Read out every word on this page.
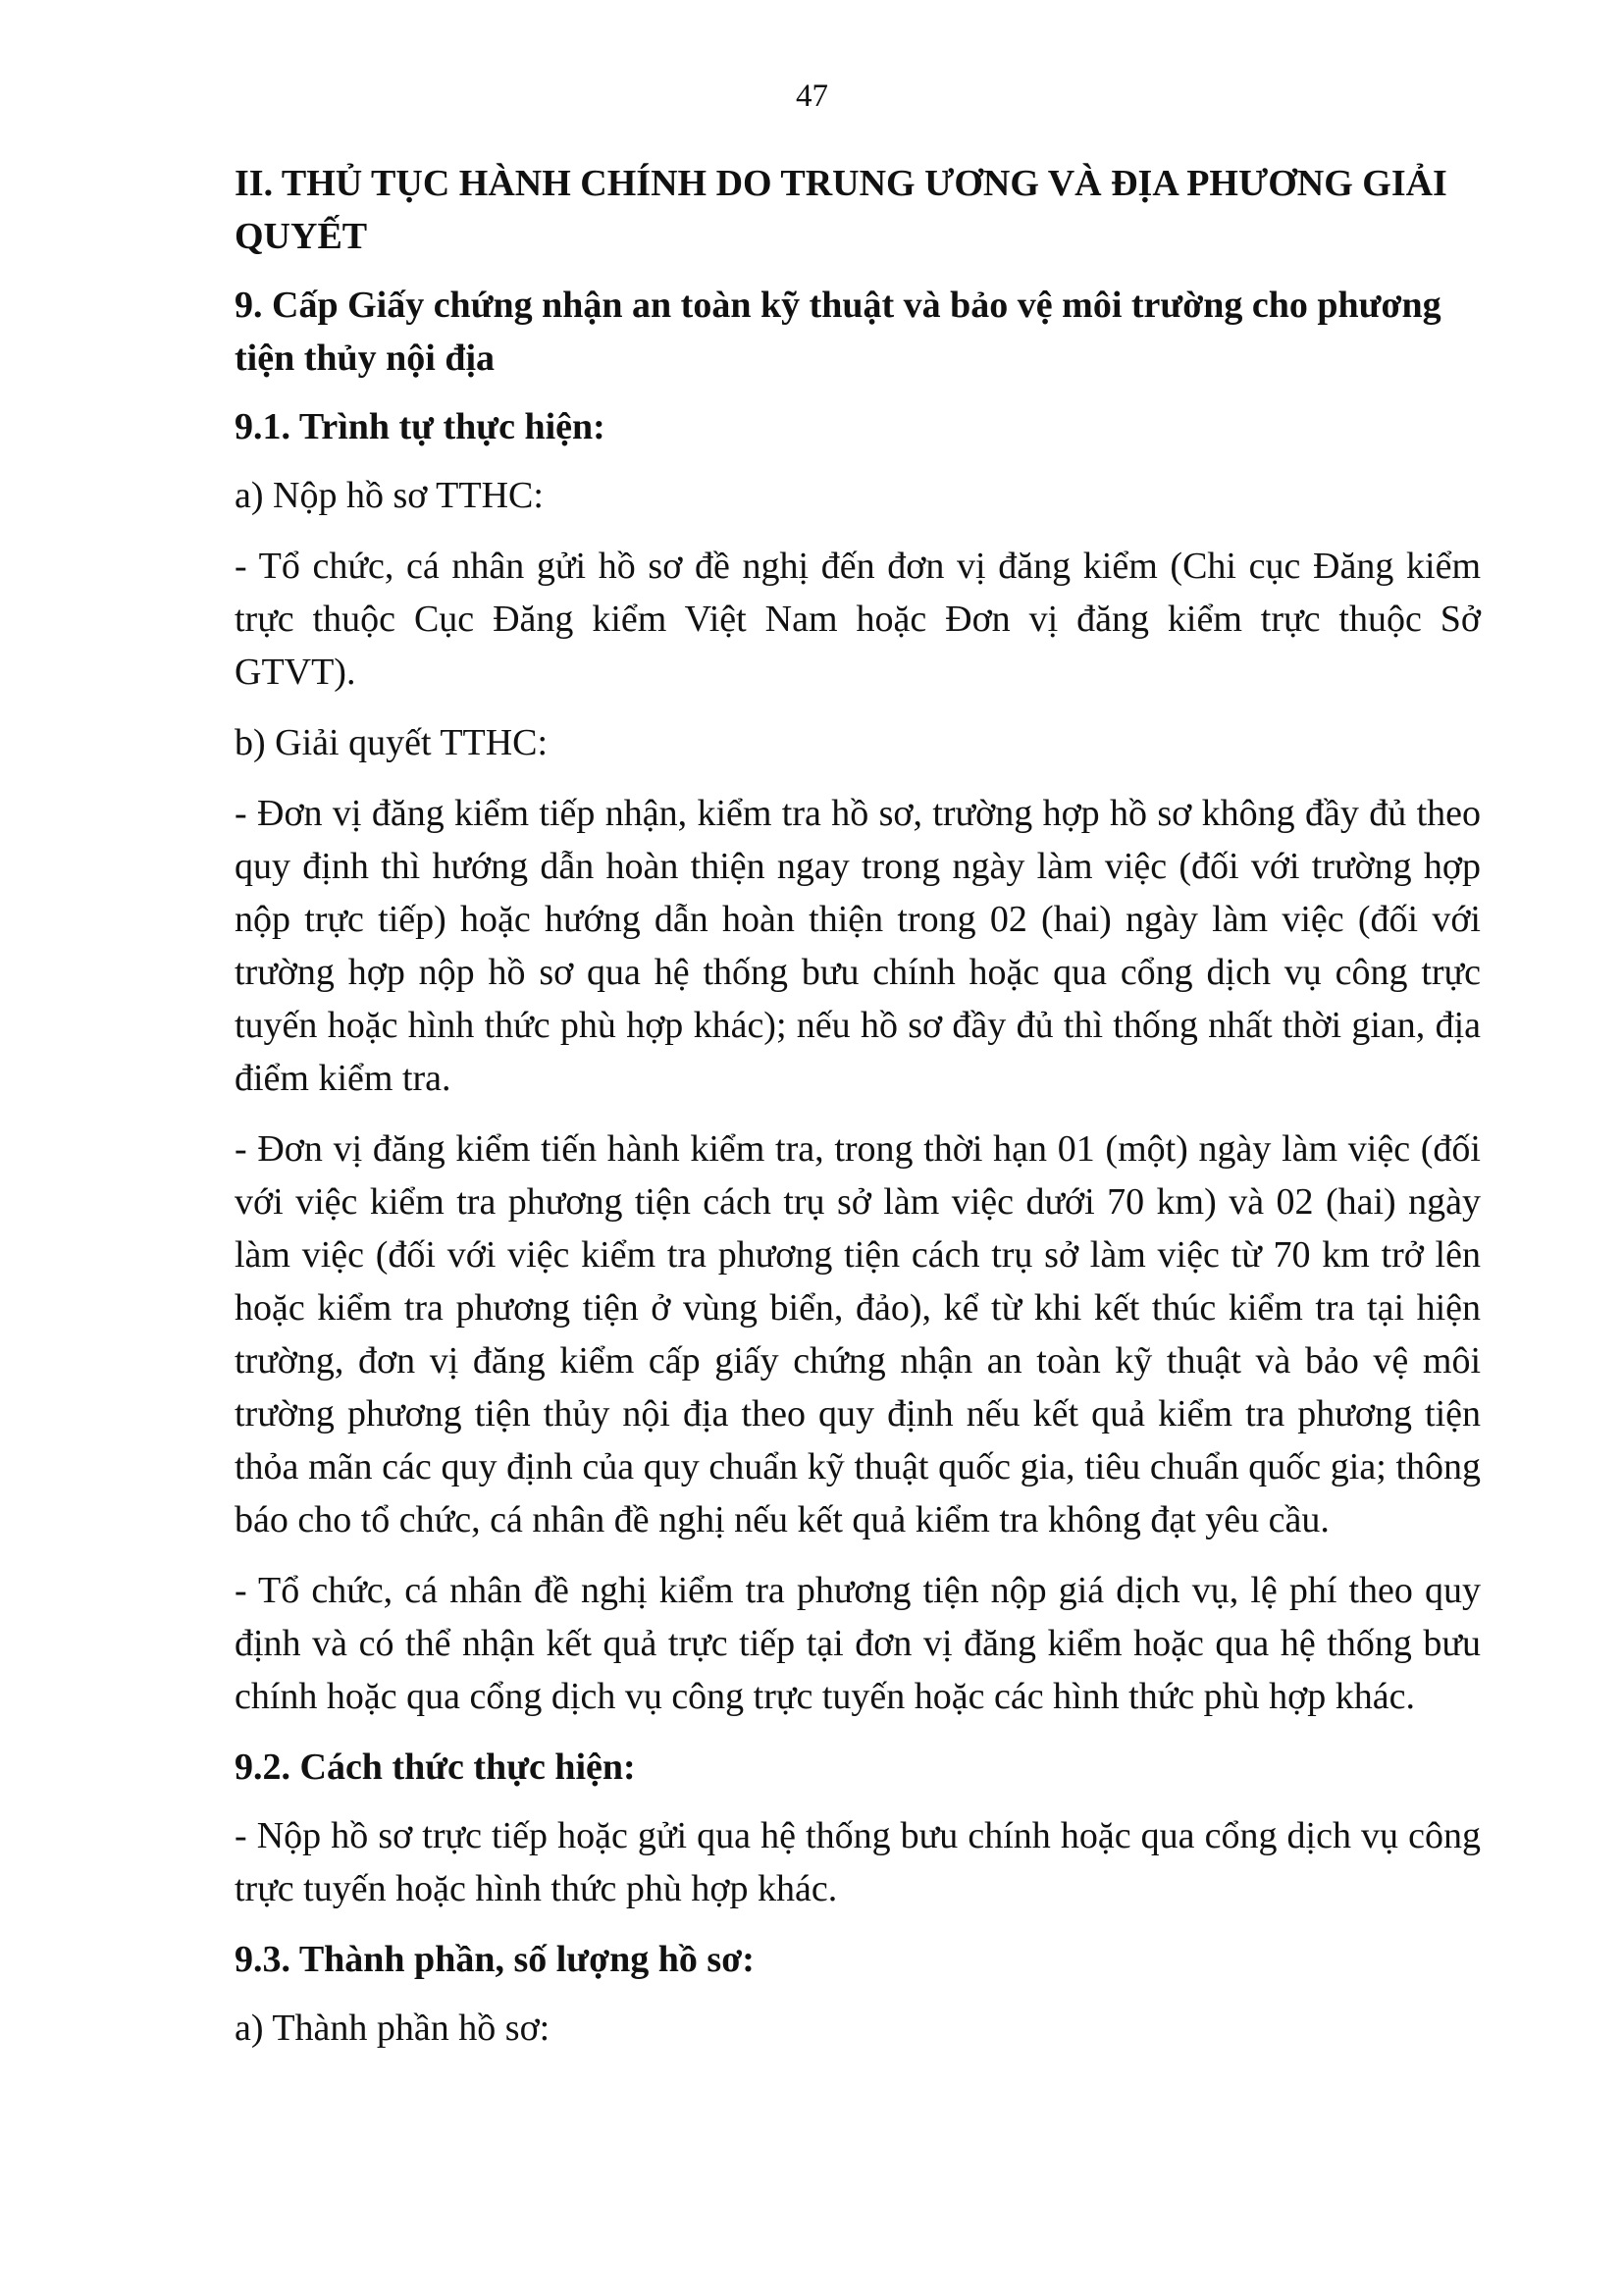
47

II. THỦ TỤC HÀNH CHÍNH DO TRUNG ƯƠNG VÀ ĐỊA PHƯƠNG GIẢI QUYẾT

9. Cấp Giấy chứng nhận an toàn kỹ thuật và bảo vệ môi trường cho phương tiện thủy nội địa

9.1. Trình tự thực hiện:

a) Nộp hồ sơ TTHC:

- Tổ chức, cá nhân gửi hồ sơ đề nghị đến đơn vị đăng kiểm (Chi cục Đăng kiểm trực thuộc Cục Đăng kiểm Việt Nam hoặc Đơn vị đăng kiểm trực thuộc Sở GTVT).

b) Giải quyết TTHC:

- Đơn vị đăng kiểm tiếp nhận, kiểm tra hồ sơ, trường hợp hồ sơ không đầy đủ theo quy định thì hướng dẫn hoàn thiện ngay trong ngày làm việc (đối với trường hợp nộp trực tiếp) hoặc hướng dẫn hoàn thiện trong 02 (hai) ngày làm việc (đối với trường hợp nộp hồ sơ qua hệ thống bưu chính hoặc qua cổng dịch vụ công trực tuyến hoặc hình thức phù hợp khác); nếu hồ sơ đầy đủ thì thống nhất thời gian, địa điểm kiểm tra.

- Đơn vị đăng kiểm tiến hành kiểm tra, trong thời hạn 01 (một) ngày làm việc (đối với việc kiểm tra phương tiện cách trụ sở làm việc dưới 70 km) và 02 (hai) ngày làm việc (đối với việc kiểm tra phương tiện cách trụ sở làm việc từ 70 km trở lên hoặc kiểm tra phương tiện ở vùng biển, đảo), kể từ khi kết thúc kiểm tra tại hiện trường, đơn vị đăng kiểm cấp giấy chứng nhận an toàn kỹ thuật và bảo vệ môi trường phương tiện thủy nội địa theo quy định nếu kết quả kiểm tra phương tiện thỏa mãn các quy định của quy chuẩn kỹ thuật quốc gia, tiêu chuẩn quốc gia; thông báo cho tổ chức, cá nhân đề nghị nếu kết quả kiểm tra không đạt yêu cầu.

- Tổ chức, cá nhân đề nghị kiểm tra phương tiện nộp giá dịch vụ, lệ phí theo quy định và có thể nhận kết quả trực tiếp tại đơn vị đăng kiểm hoặc qua hệ thống bưu chính hoặc qua cổng dịch vụ công trực tuyến hoặc các hình thức phù hợp khác.

9.2. Cách thức thực hiện:

- Nộp hồ sơ trực tiếp hoặc gửi qua hệ thống bưu chính hoặc qua cổng dịch vụ công trực tuyến hoặc hình thức phù hợp khác.

9.3. Thành phần, số lượng hồ sơ:

a) Thành phần hồ sơ:
